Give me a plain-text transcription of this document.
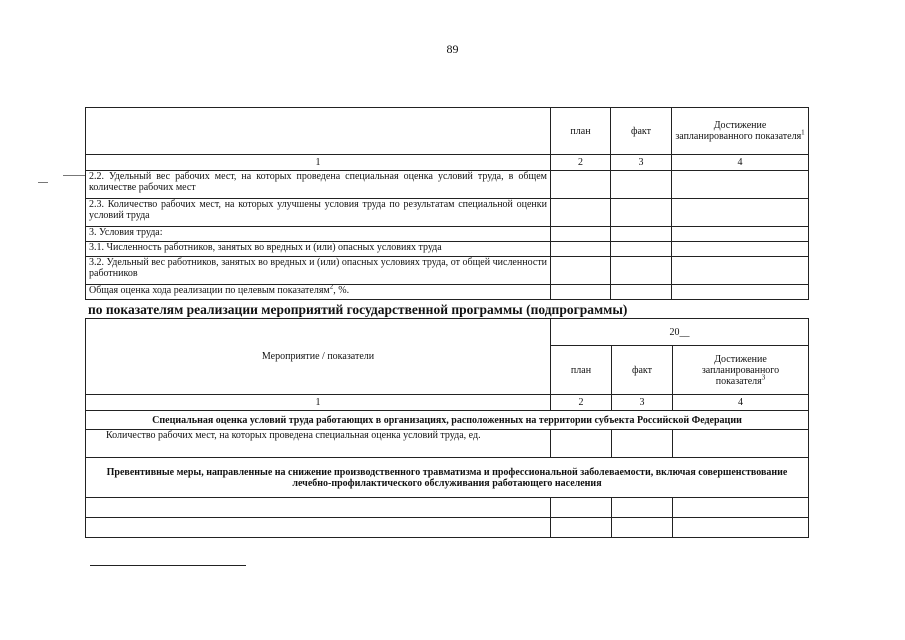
89
	план	факт	Достижение запланированного показателя$^1$
1	2	3	4
2.2. Удельный вес рабочих мест, на которых проведена специальная оценка условий труда, в общем количестве рабочих мест			
2.3. Количество рабочих мест, на которых улучшены условия труда по результатам специальной оценки условий труда			
3. Условия труда:			
3.1. Численность работников, занятых во вредных и (или) опасных условиях труда			
3.2. Удельный вес работников, занятых во вредных и (или) опасных условиях труда, от общей численности работников			
Общая оценка хода реализации по целевым показателям$^2$, %.			
по показателям реализации мероприятий государственной программы (подпрограммы)
Мероприятие / показатели	20__		
	план	факт	Достижение запланированного показателя$^3$
1	2	3	4
Специальная оценка условий труда работающих в организациях, расположенных на территории субъекта Российской Федерации			
Количество рабочих мест, на которых проведена специальная оценка условий труда, ед.			
Превентивные меры, направленные на снижение производственного травматизма и профессиональной заболеваемости, включая совершенствование лечебно-профилактического обслуживания работающего населения			
